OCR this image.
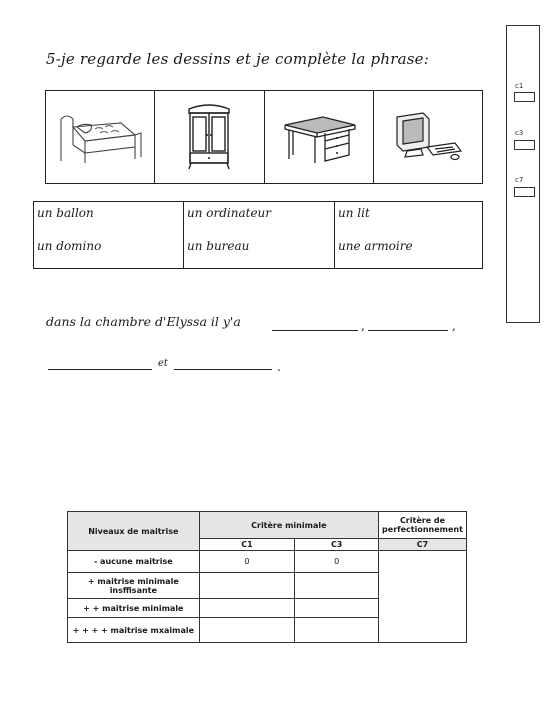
5-je regarde les dessins et je complète la phrase:
un ballon	un ordinateur	un lit
un domino	un bureau	une armoire
dans la chambre d'Elyssa il y'a	,	,
et	.
c1
c3
c7
Niveaux de maitrise	Critère minimale		Critère de perfectionnement
	C1	C3	C7
- aucune maitrise	0	0	
+ maitrise minimale insffisante			
+ + maitrise minimale			
+ + + + maitrise mxaimale			
